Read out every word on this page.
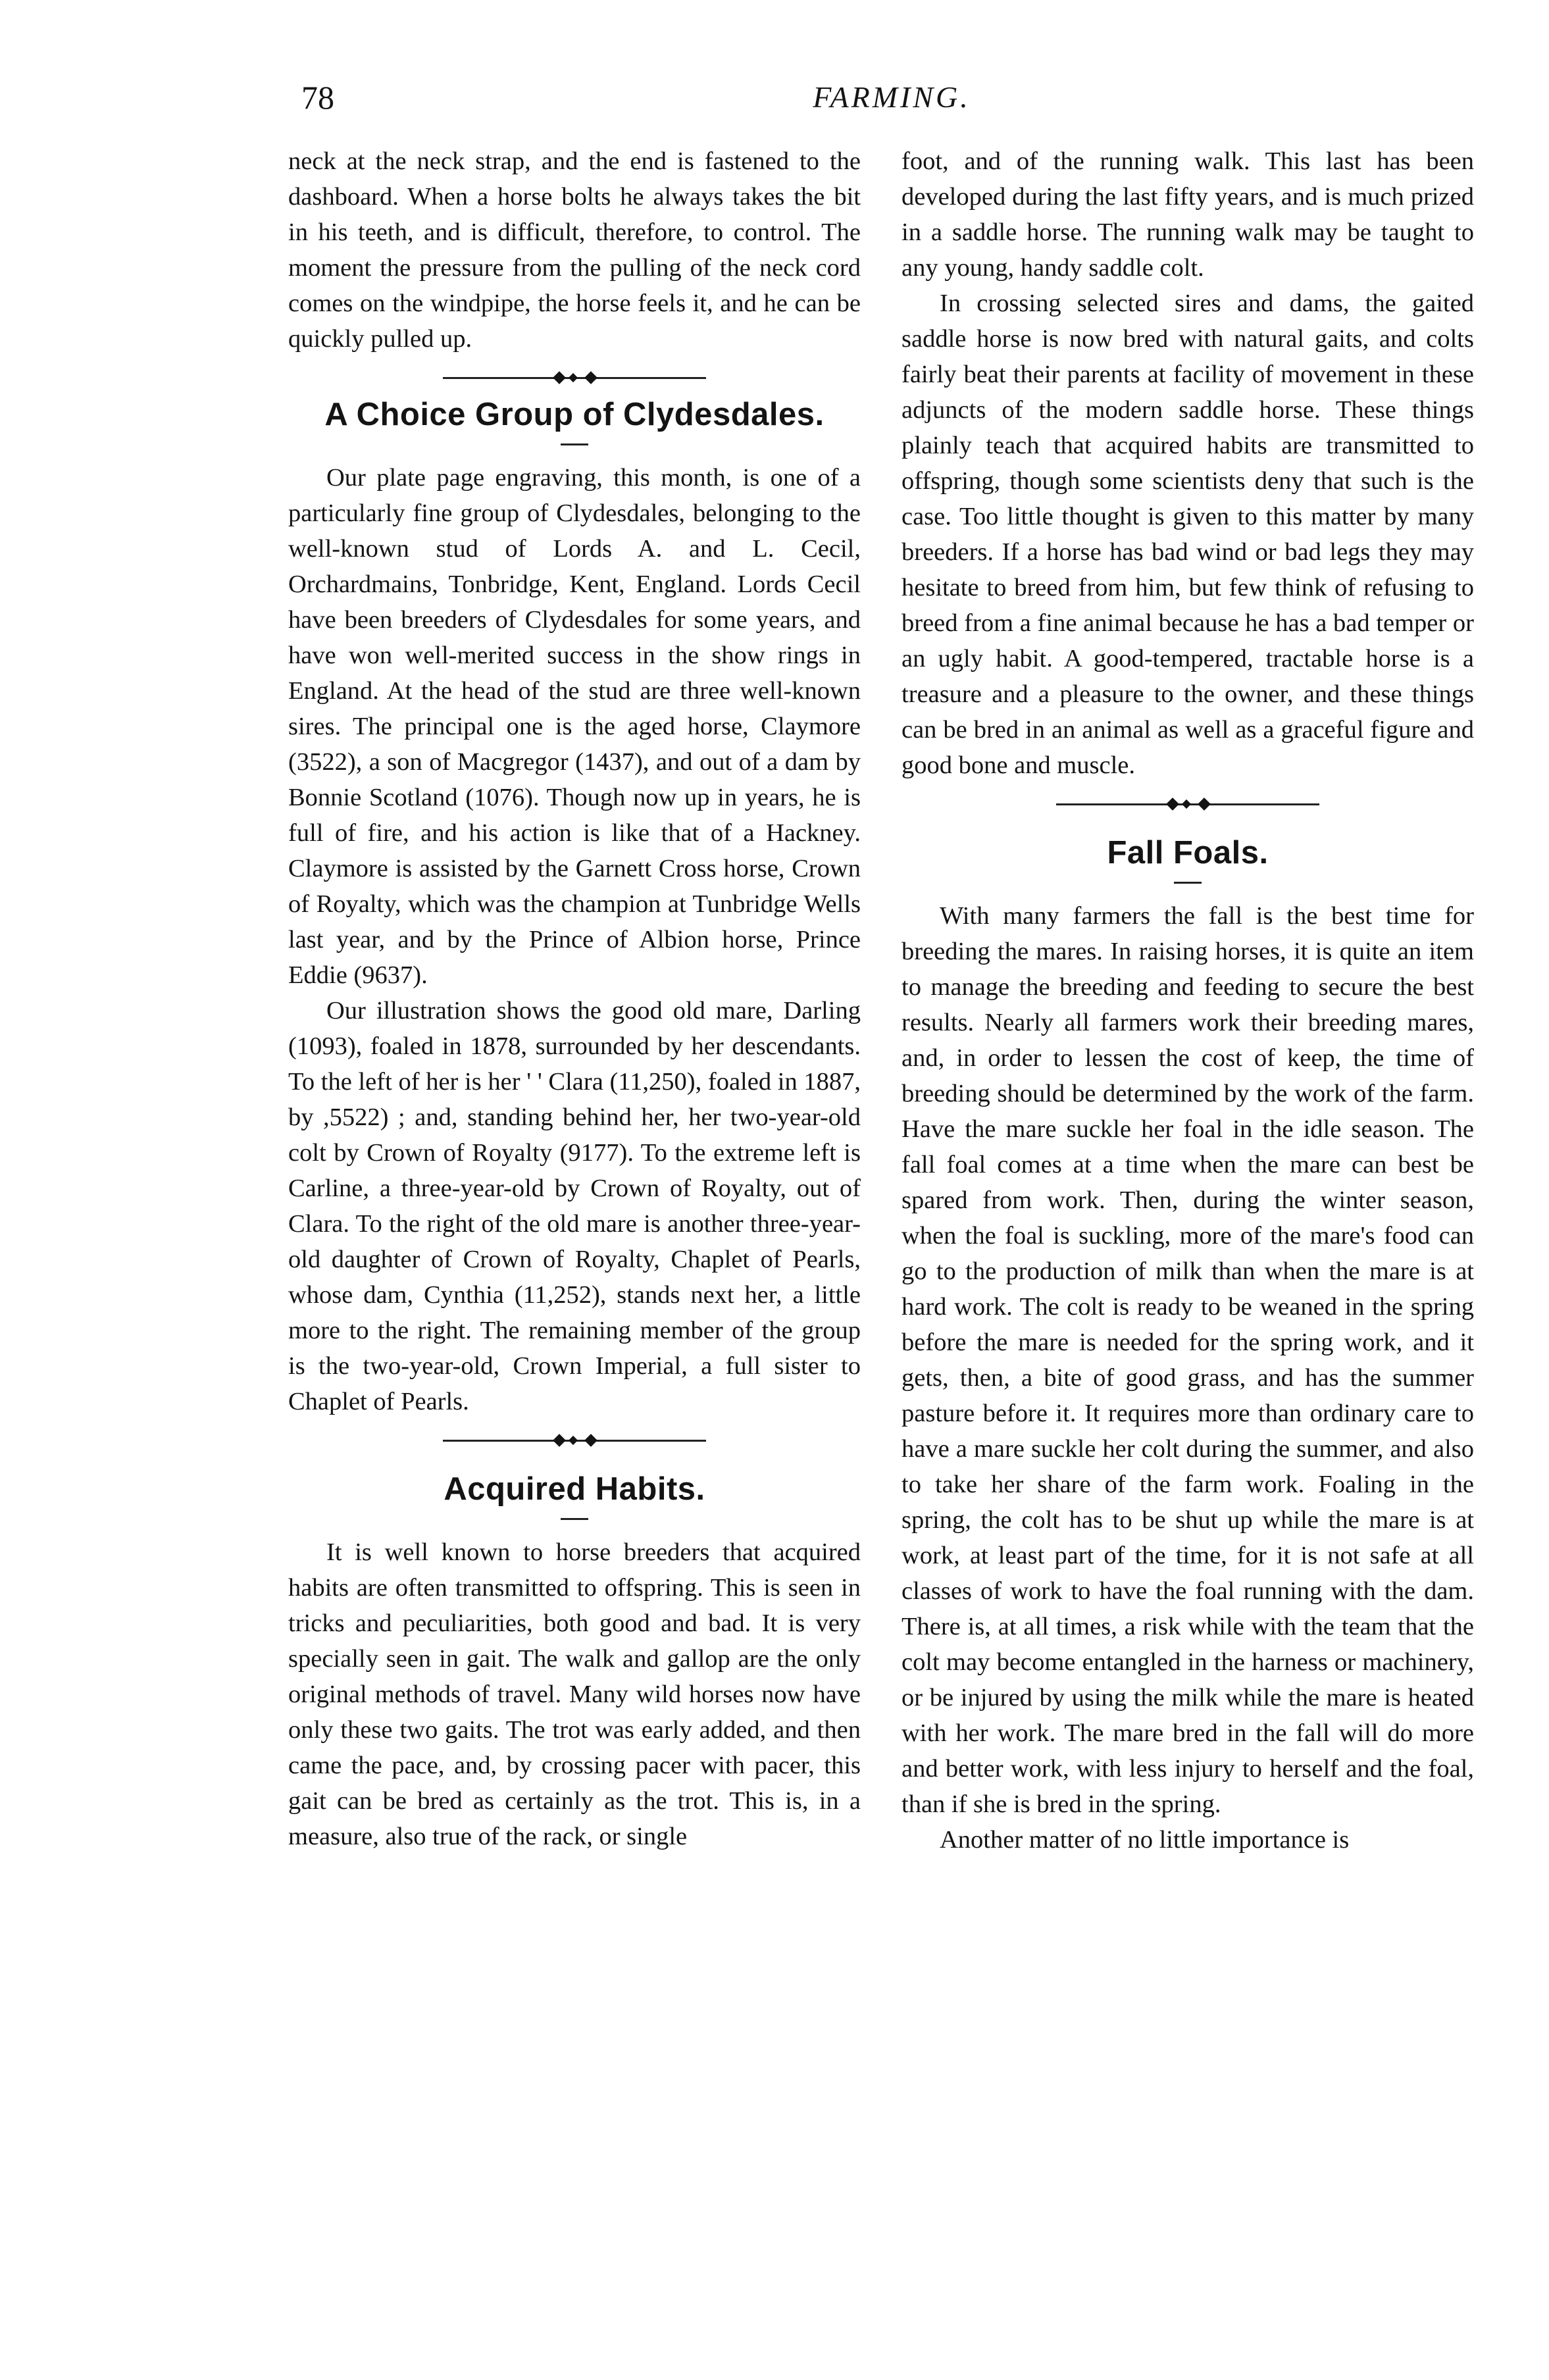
78	FARMING.

neck at the neck strap, and the end is fastened to the dashboard. When a horse bolts he always takes the bit in his teeth, and is difficult, therefore, to control. The moment the pressure from the pulling of the neck cord comes on the windpipe, the horse feels it, and he can be quickly pulled up.

A Choice Group of Clydesdales.

Our plate page engraving, this month, is one of a particularly fine group of Clydesdales, belonging to the well-known stud of Lords A. and L. Cecil, Orchardmains, Tonbridge, Kent, England. Lords Cecil have been breeders of Clydesdales for some years, and have won well-merited success in the show rings in England. At the head of the stud are three well-known sires. The principal one is the aged horse, Claymore (3522), a son of Macgregor (1437), and out of a dam by Bonnie Scotland (1076). Though now up in years, he is full of fire, and his action is like that of a Hackney. Claymore is assisted by the Garnett Cross horse, Crown of Royalty, which was the champion at Tunbridge Wells last year, and by the Prince of Albion horse, Prince Eddie (9637).

Our illustration shows the good old mare, Darling (1093), foaled in 1878, surrounded by her descendants. To the left of her is her ' ' Clara (11,250), foaled in 1887, by ,5522) ; and, standing behind her, her two-year-old colt by Crown of Royalty (9177). To the extreme left is Carline, a three-year-old by Crown of Royalty, out of Clara. To the right of the old mare is another three-year-old daughter of Crown of Royalty, Chaplet of Pearls, whose dam, Cynthia (11,252), stands next her, a little more to the right. The remaining member of the group is the two-year-old, Crown Imperial, a full sister to Chaplet of Pearls.

Acquired Habits.

It is well known to horse breeders that acquired habits are often transmitted to offspring. This is seen in tricks and peculiarities, both good and bad. It is very specially seen in gait. The walk and gallop are the only original methods of travel. Many wild horses now have only these two gaits. The trot was early added, and then came the pace, and, by crossing pacer with pacer, this gait can be bred as certainly as the trot. This is, in a measure, also true of the rack, or single

foot, and of the running walk. This last has been developed during the last fifty years, and is much prized in a saddle horse. The running walk may be taught to any young, handy saddle colt.

In crossing selected sires and dams, the gaited saddle horse is now bred with natural gaits, and colts fairly beat their parents at facility of movement in these adjuncts of the modern saddle horse. These things plainly teach that acquired habits are transmitted to offspring, though some scientists deny that such is the case. Too little thought is given to this matter by many breeders. If a horse has bad wind or bad legs they may hesitate to breed from him, but few think of refusing to breed from a fine animal because he has a bad temper or an ugly habit. A good-tempered, tractable horse is a treasure and a pleasure to the owner, and these things can be bred in an animal as well as a graceful figure and good bone and muscle.

Fall Foals.

With many farmers the fall is the best time for breeding the mares. In raising horses, it is quite an item to manage the breeding and feeding to secure the best results. Nearly all farmers work their breeding mares, and, in order to lessen the cost of keep, the time of breeding should be determined by the work of the farm. Have the mare suckle her foal in the idle season. The fall foal comes at a time when the mare can best be spared from work. Then, during the winter season, when the foal is suckling, more of the mare's food can go to the production of milk than when the mare is at hard work. The colt is ready to be weaned in the spring before the mare is needed for the spring work, and it gets, then, a bite of good grass, and has the summer pasture before it. It requires more than ordinary care to have a mare suckle her colt during the summer, and also to take her share of the farm work. Foaling in the spring, the colt has to be shut up while the mare is at work, at least part of the time, for it is not safe at all classes of work to have the foal running with the dam. There is, at all times, a risk while with the team that the colt may become entangled in the harness or machinery, or be injured by using the milk while the mare is heated with her work. The mare bred in the fall will do more and better work, with less injury to herself and the foal, than if she is bred in the spring.

Another matter of no little importance is
